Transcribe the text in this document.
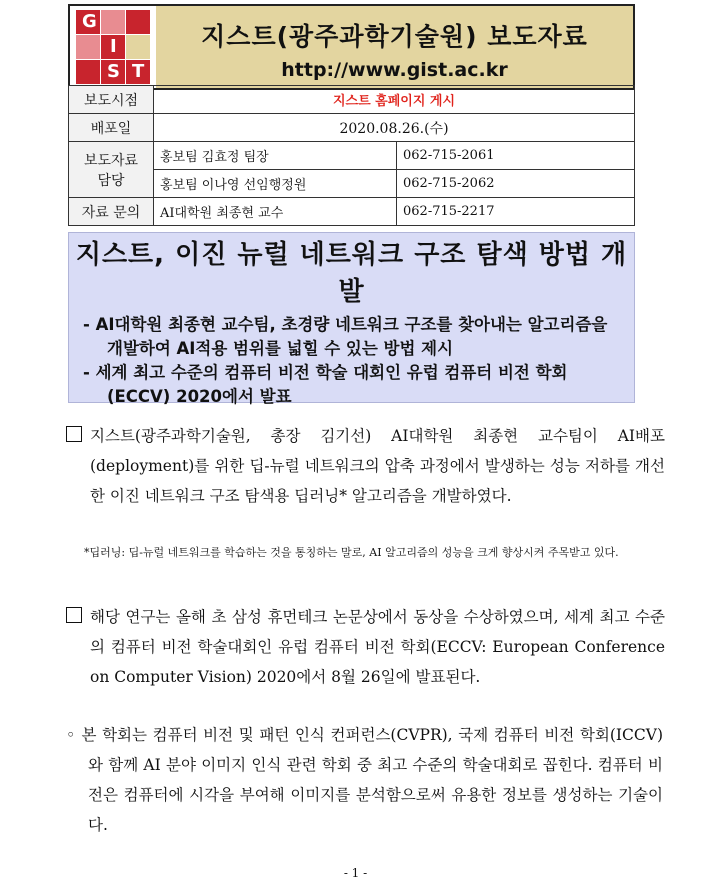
G
I
S T

지스트(광주과학기술원) 보도자료
http://www.gist.ac.kr
보도시점	지스트 홈페이지 게시	
배포일	2020.08.26.(수)	
보도자료 담당	홍보팀 김효정 팀장	062-715-2061
	홍보팀 이나영 선임행정원	062-715-2062
자료 문의	AI대학원 최종현 교수	062-715-2217
지스트, 이진 뉴럴 네트워크 구조 탐색 방법 개발
- AI대학원 최종현 교수팀, 초경량 네트워크 구조를 찾아내는 알고리즘을 개발하여 AI적용 범위를 넓힐 수 있는 방법 제시
- 세계 최고 수준의 컴퓨터 비전 학술 대회인 유럽 컴퓨터 비전 학회(ECCV) 2020에서 발표
지스트(광주과학기술원, 총장 김기선) AI대학원 최종현 교수팀이 AI배포(deployment)를 위한 딥-뉴럴 네트워크의 압축 과정에서 발생하는 성능 저하를 개선한 이진 네트워크 구조 탐색용 딥러닝* 알고리즘을 개발하였다.
*딥러닝: 딥-뉴럴 네트워크를 학습하는 것을 통칭하는 말로, AI 알고리즘의 성능을 크게 향상시켜 주목받고 있다.
해당 연구는 올해 초 삼성 휴먼테크 논문상에서 동상을 수상하였으며, 세계 최고 수준의 컴퓨터 비전 학술대회인 유럽 컴퓨터 비전 학회(ECCV: European Conference on Computer Vision) 2020에서 8월 26일에 발표된다.
◦ 본 학회는 컴퓨터 비전 및 패턴 인식 컨퍼런스(CVPR), 국제 컴퓨터 비전 학회(ICCV)와 함께 AI 분야 이미지 인식 관련 학회 중 최고 수준의 학술대회로 꼽힌다. 컴퓨터 비전은 컴퓨터에 시각을 부여해 이미지를 분석함으로써 유용한 정보를 생성하는 기술이다.
- 1 -
